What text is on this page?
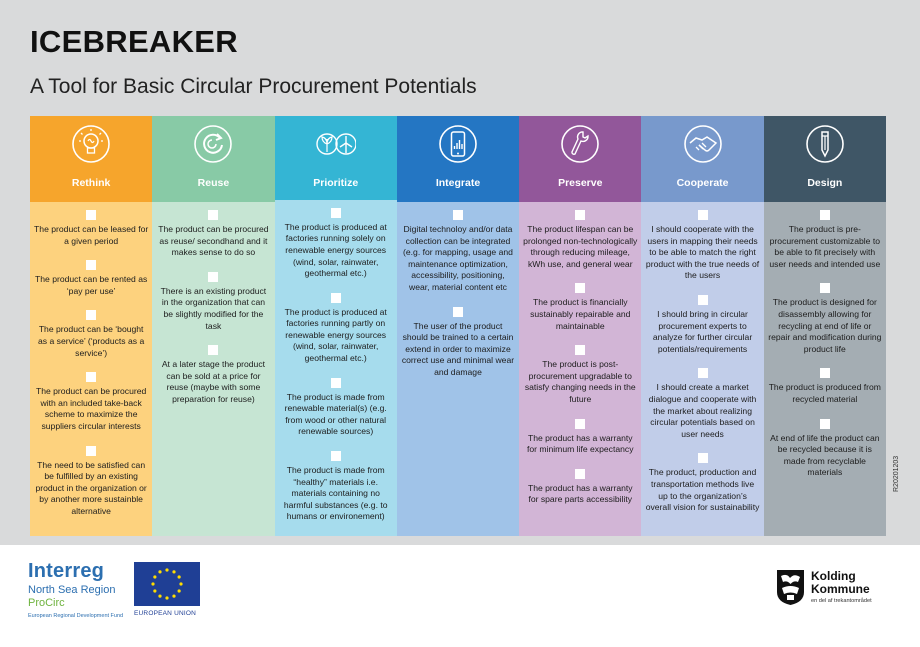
ICEBREAKER
A Tool for Basic Circular Procurement Potentials
Rethink
The product can be leased for a given period
The product can be rented as ‘pay per use’
The product can be ‘bought as a service’ (‘products as a service’)
The product can be procured with an included take-back scheme to maximize the suppliers circular interests
The need to be satisfied can be fulfilled by an existing product in the organization or by another more sustainble alternative
Reuse
The product can be procured as reuse/ secondhand and it makes sense to do so
There is an existing product in the organization that can be slightly modified for the task
At a later stage the product can be sold at a price for reuse (maybe with some preparation for reuse)
Prioritize
The product is produced at factories running solely on renewable energy sources (wind, solar, rainwater, geothermal etc.)
The product is produced at factories running partly on renewable energy sources (wind, solar, rainwater, geothermal etc.)
The product is made from renewable material(s) (e.g. from wood or other natural renewable sources)
The product is made from “healthy” materials i.e. materials containing no harmful substances (e.g. to humans or environement)
Integrate
Digital technoloy and/or data collection can be integrated (e.g. for mapping, usage and maintenance optimization, accessibility, positioning, wear, material content etc
The user of the product should be trained to a certain extend in order to maximize correct use and minimal wear and damage
Preserve
The product lifespan can be prolonged non-technologically through reducing mileage, kWh use, and general wear
The product is financially sustainably repairable and maintainable
The product is post-procurement upgradable to satisfy changing needs in the future
The product has a warranty for minimum life expectancy
The product has a warranty for spare parts accessibility
Cooperate
I should cooperate with the users in mapping their needs to be able to match the right product with the true needs of the users
I should bring in circular procurement experts to analyze for further circular potentials/requirements
I should create a market dialogue and cooperate with the market about realizing circular potentials based on user needs
The product, production and transportation methods live up to the organization’s overall vision for sustainability
Design
The product is pre-procurement customizable to be able to fit precisely with user needs and intended use
The product is designed for disassembly allowing for recycling at end of life or repair and modification during product life
The product is produced from recycled material
At end of life the product can be recycled because it is made from recyclable materials	R20201203
Interreg
North Sea Region
ProCirc
European Regional Development Fund EUROPEAN UNION
Kolding
Kommune
en del af trekantområdet
